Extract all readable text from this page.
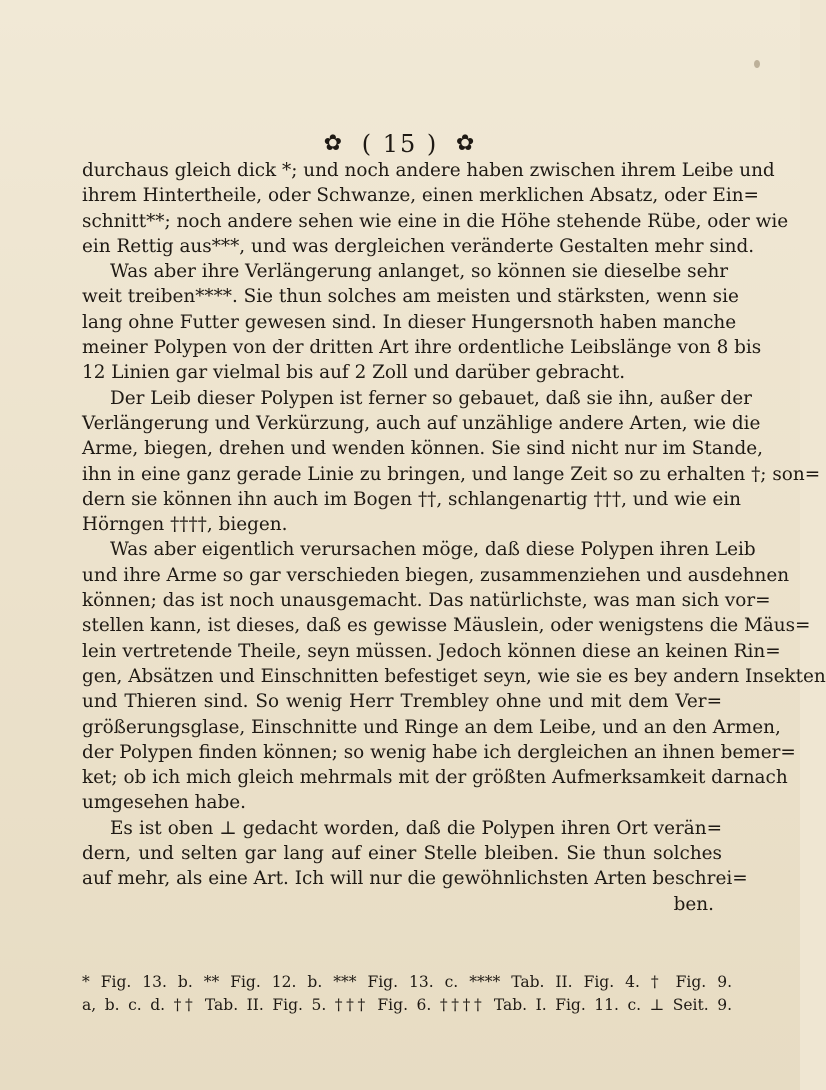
✿ ( 15 ) ✿
durchaus gleich dick *; und noch andere haben zwischen ihrem Leibe und
ihrem Hintertheile, oder Schwanze, einen merklichen Absatz, oder Ein=
schnitt**; noch andere sehen wie eine in die Höhe stehende Rübe, oder wie
ein Rettig aus***, und was dergleichen veränderte Gestalten mehr sind.
Was aber ihre Verlängerung anlanget, so können sie dieselbe sehr
weit treiben****. Sie thun solches am meisten und stärksten, wenn sie
lang ohne Futter gewesen sind. In dieser Hungersnoth haben manche
meiner Polypen von der dritten Art ihre ordentliche Leibslänge von 8 bis
12 Linien gar vielmal bis auf 2 Zoll und darüber gebracht.
Der Leib dieser Polypen ist ferner so gebauet, daß sie ihn, außer der
Verlängerung und Verkürzung, auch auf unzählige andere Arten, wie die
Arme, biegen, drehen und wenden können. Sie sind nicht nur im Stande,
ihn in eine ganz gerade Linie zu bringen, und lange Zeit so zu erhalten †; son=
dern sie können ihn auch im Bogen ††, schlangenartig †††, und wie ein
Hörngen ††††, biegen.
Was aber eigentlich verursachen möge, daß diese Polypen ihren Leib
und ihre Arme so gar verschieden biegen, zusammenziehen und ausdehnen
können; das ist noch unausgemacht. Das natürlichste, was man sich vor=
stellen kann, ist dieses, daß es gewisse Mäuslein, oder wenigstens die Mäus=
lein vertretende Theile, seyn müssen. Jedoch können diese an keinen Rin=
gen, Absätzen und Einschnitten befestiget seyn, wie sie es bey andern Insekten
und Thieren sind. So wenig Herr Trembley ohne und mit dem Ver=
größerungsglase, Einschnitte und Ringe an dem Leibe, und an den Armen,
der Polypen finden können; so wenig habe ich dergleichen an ihnen bemer=
ket; ob ich mich gleich mehrmals mit der größten Aufmerksamkeit darnach
umgesehen habe.
Es ist oben ⊥ gedacht worden, daß die Polypen ihren Ort verän=
dern, und selten gar lang auf einer Stelle bleiben. Sie thun solches
auf mehr, als eine Art. Ich will nur die gewöhnlichsten Arten beschrei=
ben.
* Fig. 13. b. ** Fig. 12. b. *** Fig. 13. c. **** Tab. II. Fig. 4. † Fig. 9.
a, b. c. d. †† Tab. II. Fig. 5. ††† Fig. 6. †††† Tab. I. Fig. 11. c. ⊥ Seit. 9.
